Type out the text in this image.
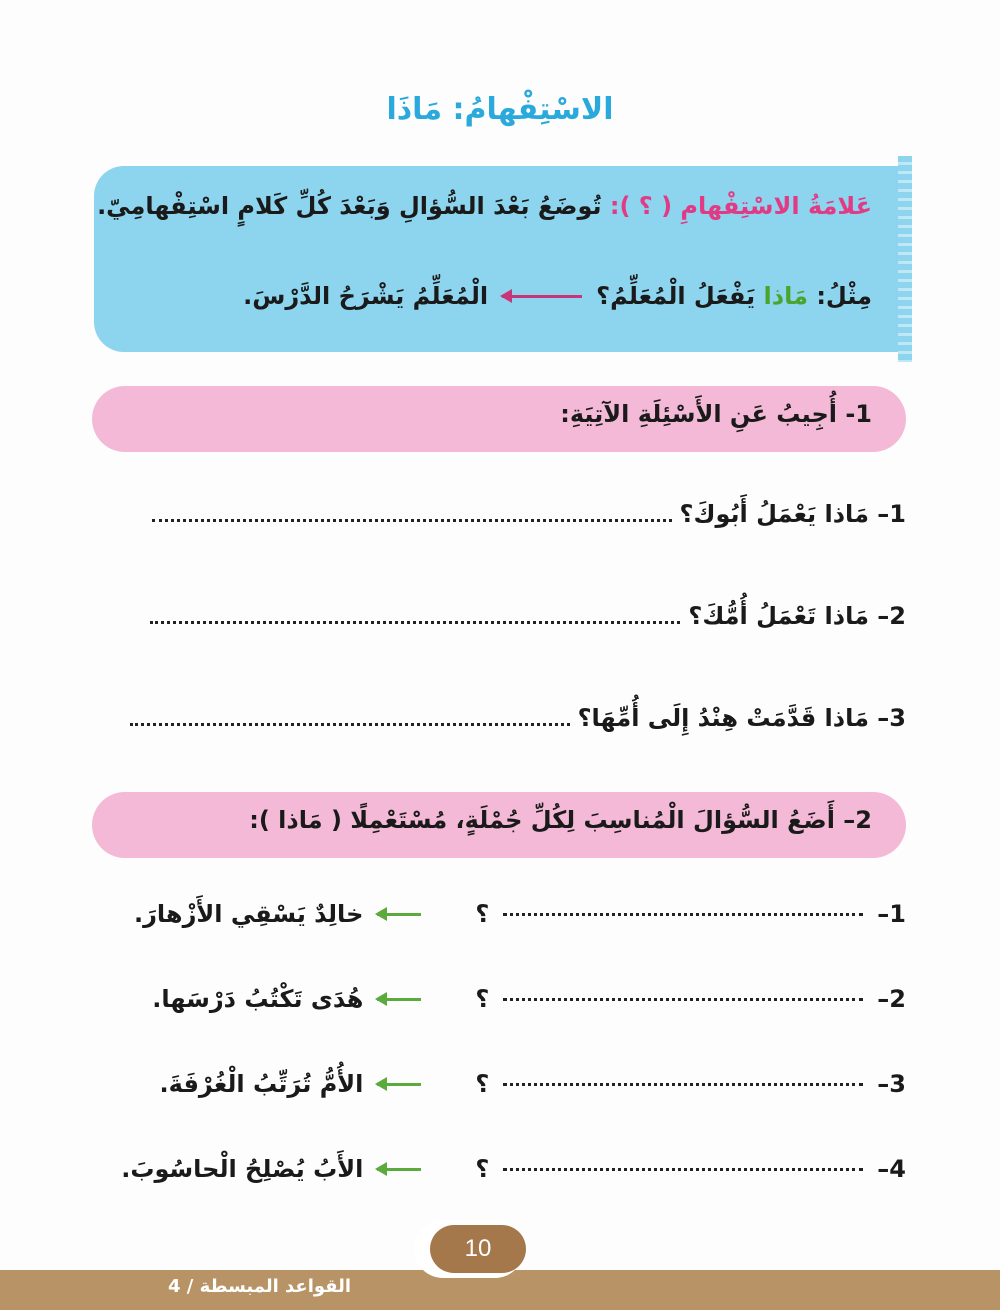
الاسْتِفْهامُ: مَاذَا
عَلامَةُ الاسْتِفْهامِ ( ؟ ): تُوضَعُ بَعْدَ السُّؤالِ وَبَعْدَ كُلِّ كَلامٍ اسْتِفْهامِيّ.
مِثْلُ: مَاذا يَفْعَلُ الْمُعَلِّمُ؟
الْمُعَلِّمُ يَشْرَحُ الدَّرْسَ.
1- أُجِيبُ عَنِ الأَسْئِلَةِ الآتِيَةِ:
1– مَاذا يَعْمَلُ أَبُوكَ؟
2– مَاذا تَعْمَلُ أُمُّكَ؟
3– مَاذا قَدَّمَتْ هِنْدُ إِلَى أُمِّهَا؟
2– أَضَعُ السُّؤالَ الْمُناسِبَ لِكُلِّ جُمْلَةٍ، مُسْتَعْمِلًا ( مَاذا ):
1–
؟
خالِدٌ يَسْقِي الأَزْهارَ.
2–
؟
هُدَى تَكْتُبُ دَرْسَها.
3–
؟
الأُمُّ تُرَتِّبُ الْغُرْفَةَ.
4–
؟
الأَبُ يُصْلِحُ الْحاسُوبَ.
10
القواعد المبسطة / 4
